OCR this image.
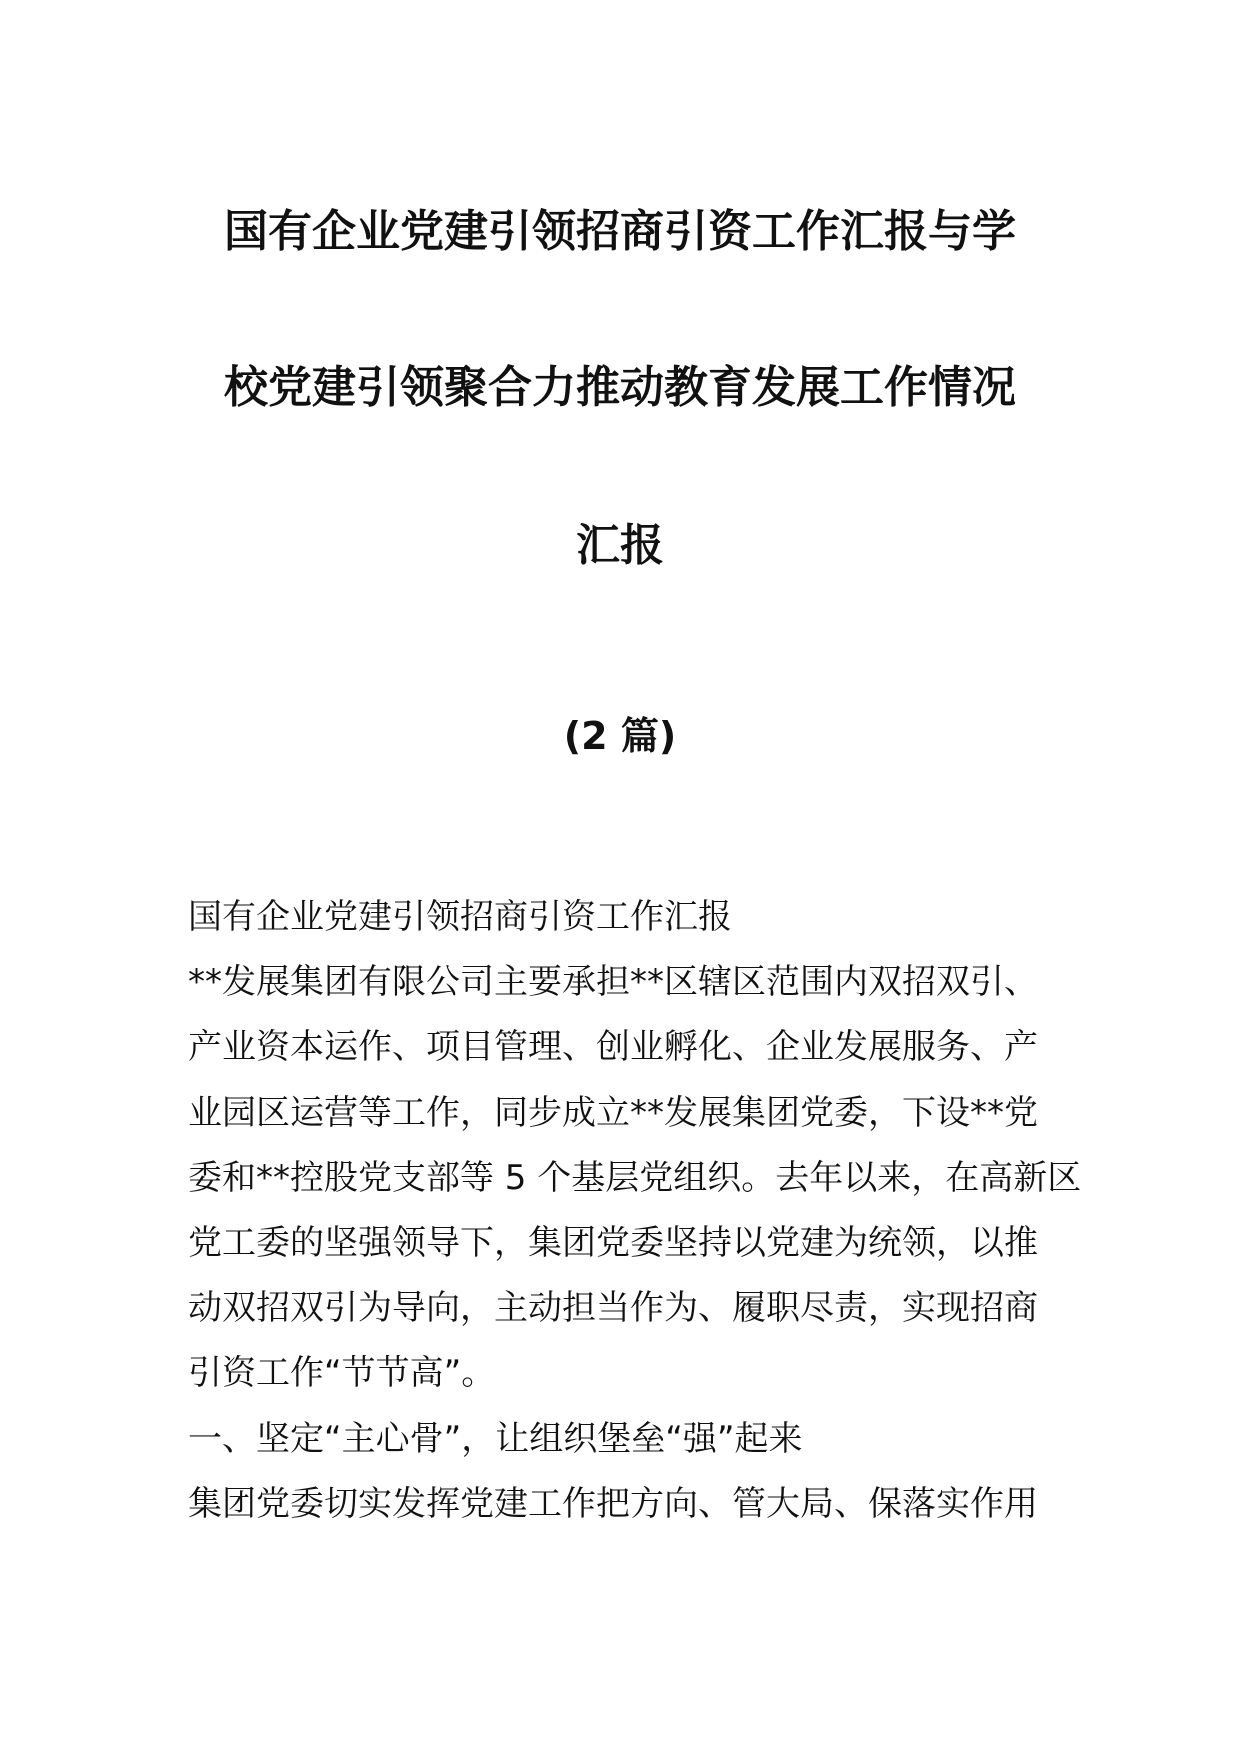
国有企业党建引领招商引资工作汇报与学
校党建引领聚合力推动教育发展工作情况
汇报
(2 篇)
国有企业党建引领招商引资工作汇报
**发展集团有限公司主要承担**区辖区范围内双招双引、
产业资本运作、项目管理、创业孵化、企业发展服务、产
业园区运营等工作，同步成立**发展集团党委，下设**党
委和**控股党支部等 5 个基层党组织。去年以来，在高新区
党工委的坚强领导下，集团党委坚持以党建为统领，以推
动双招双引为导向，主动担当作为、履职尽责，实现招商
引资工作“节节高”。
一、坚定“主心骨”，让组织堡垒“强”起来
集团党委切实发挥党建工作把方向、管大局、保落实作用
